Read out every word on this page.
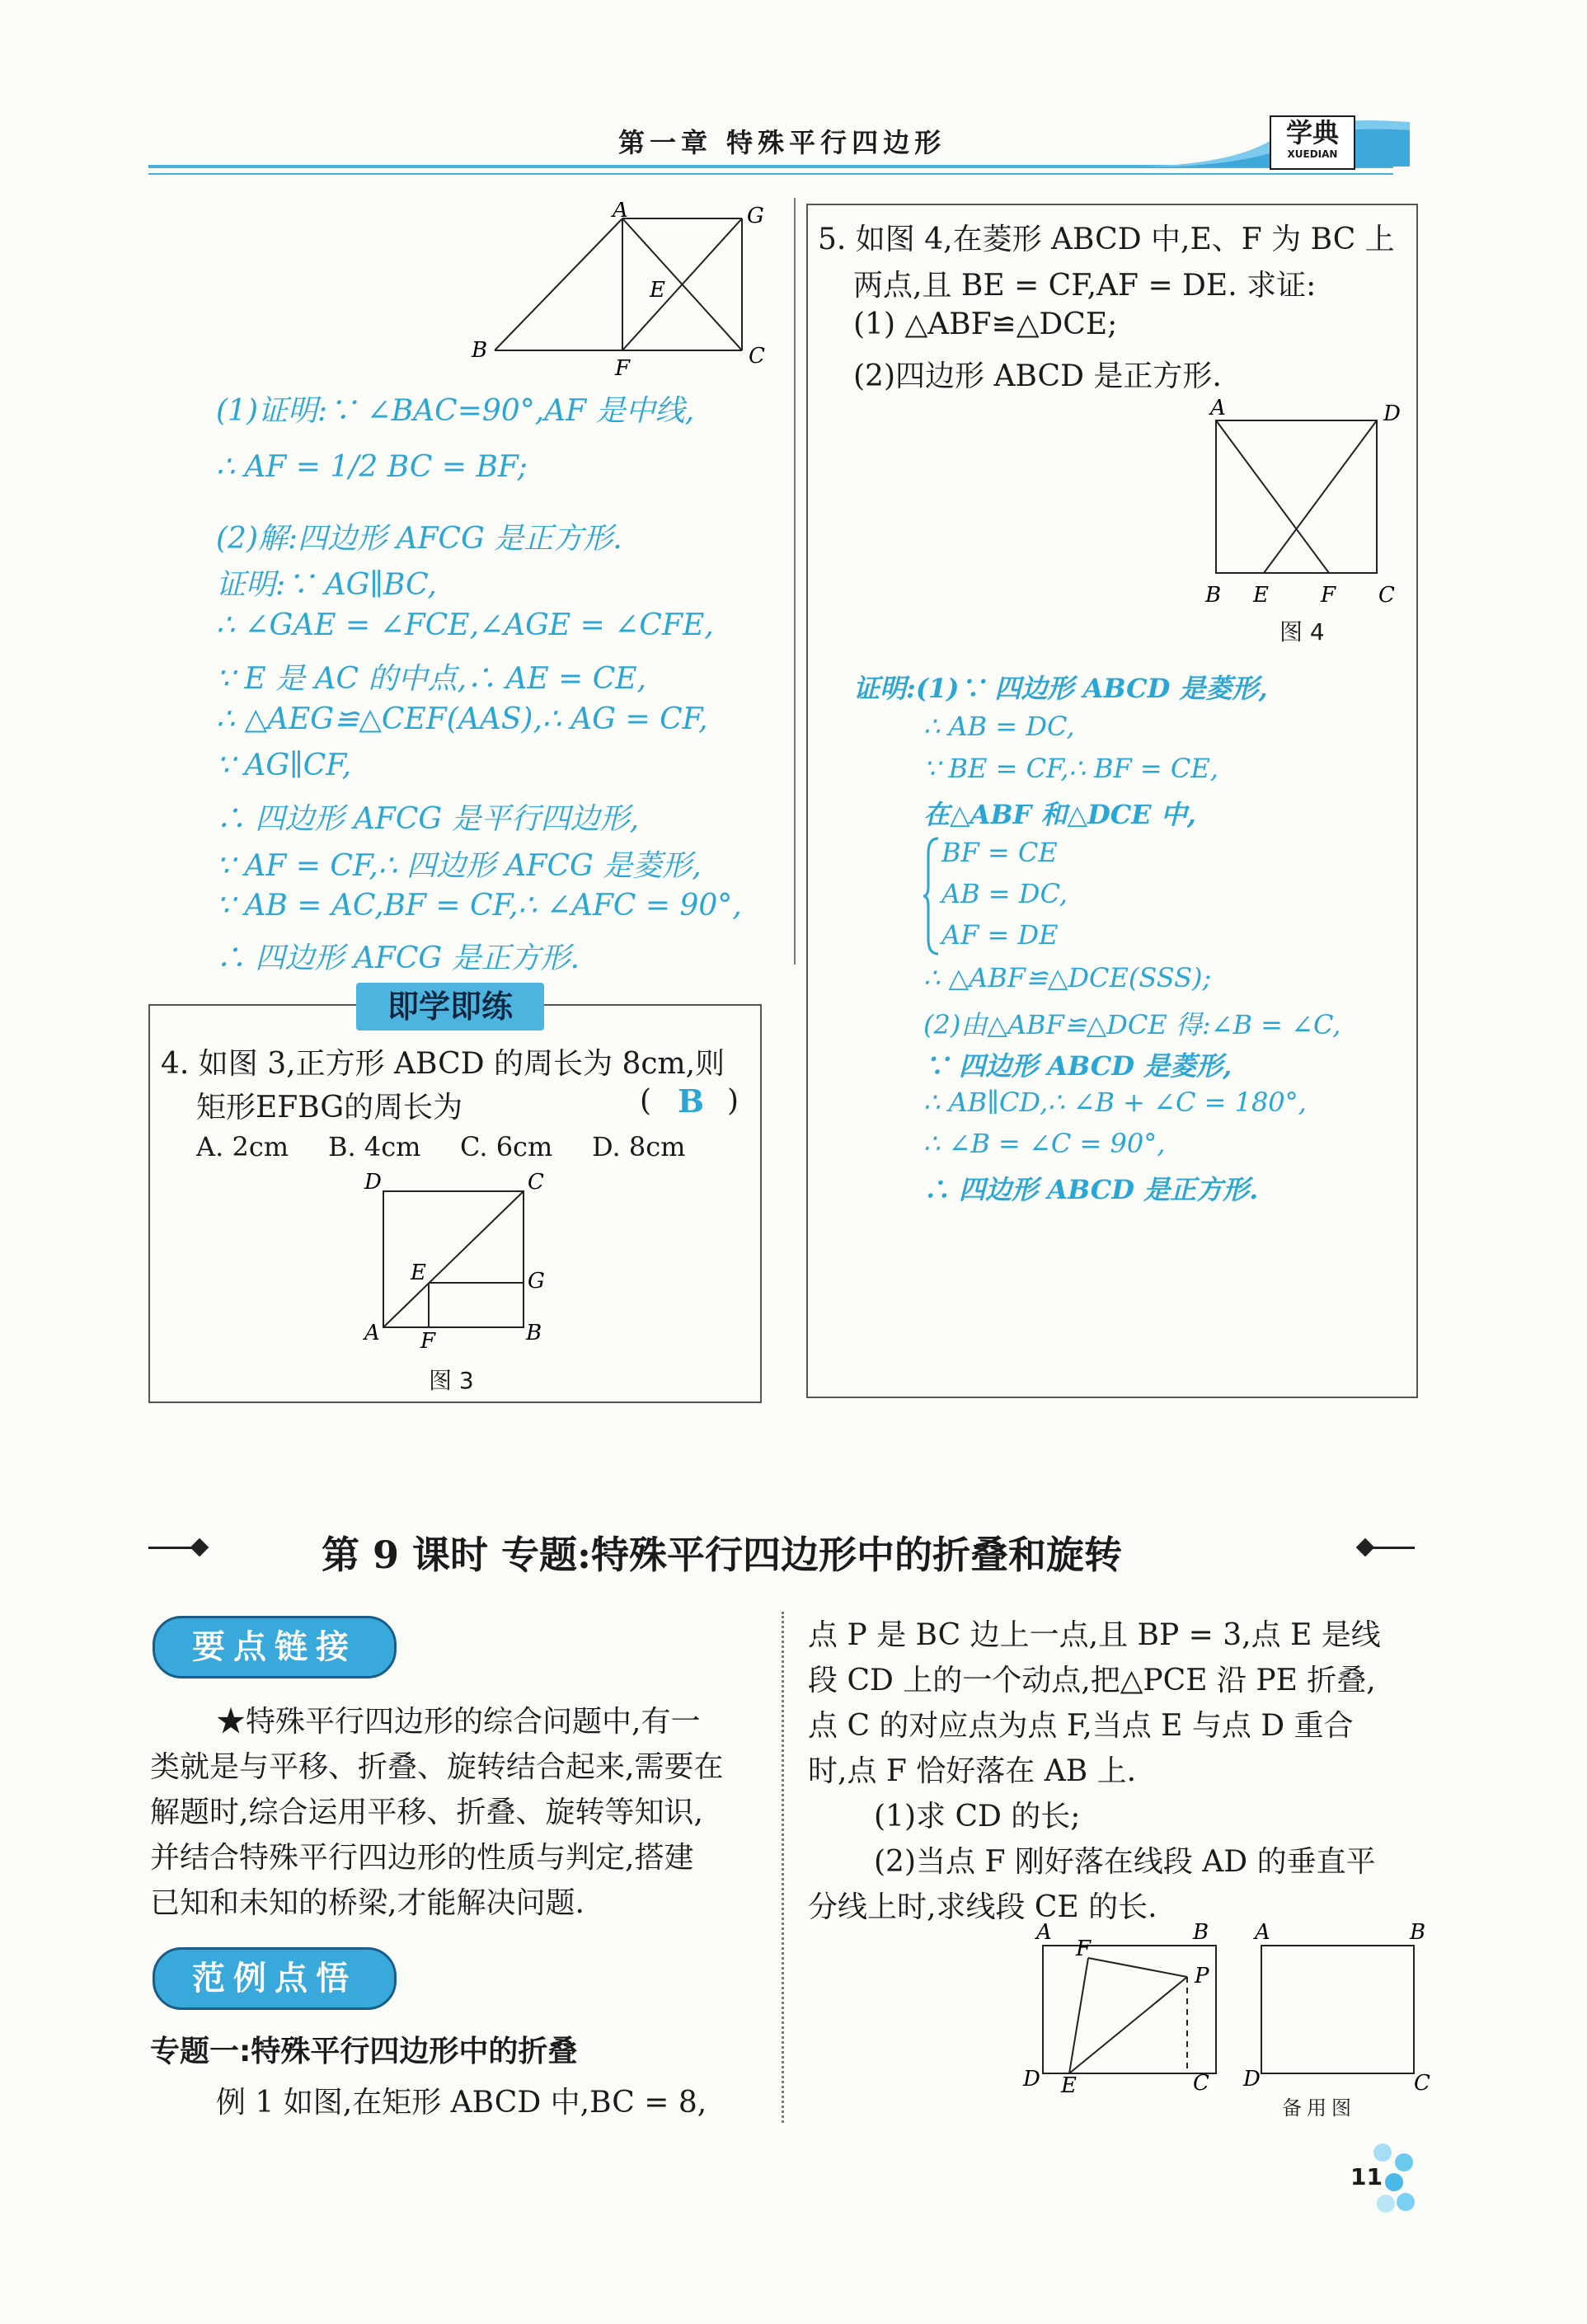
第一章 特殊平行四边形	学典
XUEDIAN
A	G
E
B
F	C
(1)证明:∵ ∠BAC=90°,AF 是中线,
∴ AF = 1/2 BC = BF;
(2)解:四边形 AFCG 是正方形.
证明:∵ AG∥BC,
∴ ∠GAE = ∠FCE,∠AGE = ∠CFE,
∵ E 是 AC 的中点,∴ AE = CE,
∴ △AEG≌△CEF(AAS),∴ AG = CF,
∵ AG∥CF,
∴ 四边形 AFCG 是平行四边形,
∵ AF = CF,∴ 四边形 AFCG 是菱形,
∵ AB = AC,BF = CF,∴ ∠AFC = 90°,
∴ 四边形 AFCG 是正方形.
即学即练
4. 如图 3,正方形 ABCD 的周长为 8cm,则
矩形EFBG的周长为	( B )
A. 2cm B. 4cm C. 6cm D. 8cm
D	C
E	G
A F	B
图 3
5. 如图 4,在菱形 ABCD 中,E、F 为 BC 上
两点,且 BE = CF,AF = DE. 求证:
(1) △ABF≌△DCE;
(2)四边形 ABCD 是正方形.
A	D
B E F C
图 4
证明:(1)∵ 四边形 ABCD 是菱形,
∴ AB = DC,
∵ BE = CF,∴ BF = CE,
在△ABF 和△DCE 中,
BF = CE
AB = DC,
AF = DE
∴ △ABF≌△DCE(SSS);
(2)由△ABF≌△DCE 得:∠B = ∠C,
∵ 四边形 ABCD 是菱形,
∴ AB∥CD,∴ ∠B + ∠C = 180°,
∴ ∠B = ∠C = 90°,
∴ 四边形 ABCD 是正方形.
第 9 课时 专题:特殊平行四边形中的折叠和旋转
要点链接
★特殊平行四边形的综合问题中,有一
类就是与平移、折叠、旋转结合起来,需要在
解题时,综合运用平移、折叠、旋转等知识,
并结合特殊平行四边形的性质与判定,搭建
已知和未知的桥梁,才能解决问题.
范例点悟
专题一:特殊平行四边形中的折叠
例 1 如图,在矩形 ABCD 中,BC = 8,
点 P 是 BC 边上一点,且 BP = 3,点 E 是线
段 CD 上的一个动点,把△PCE 沿 PE 折叠,
点 C 的对应点为点 F,当点 E 与点 D 重合
时,点 F 恰好落在 AB 上.
(1)求 CD 的长;
(2)当点 F 刚好落在线段 AD 的垂直平
分线上时,求线段 CE 的长.
A	B
F
P
D E	C
A	B
D	C
备用图
11
